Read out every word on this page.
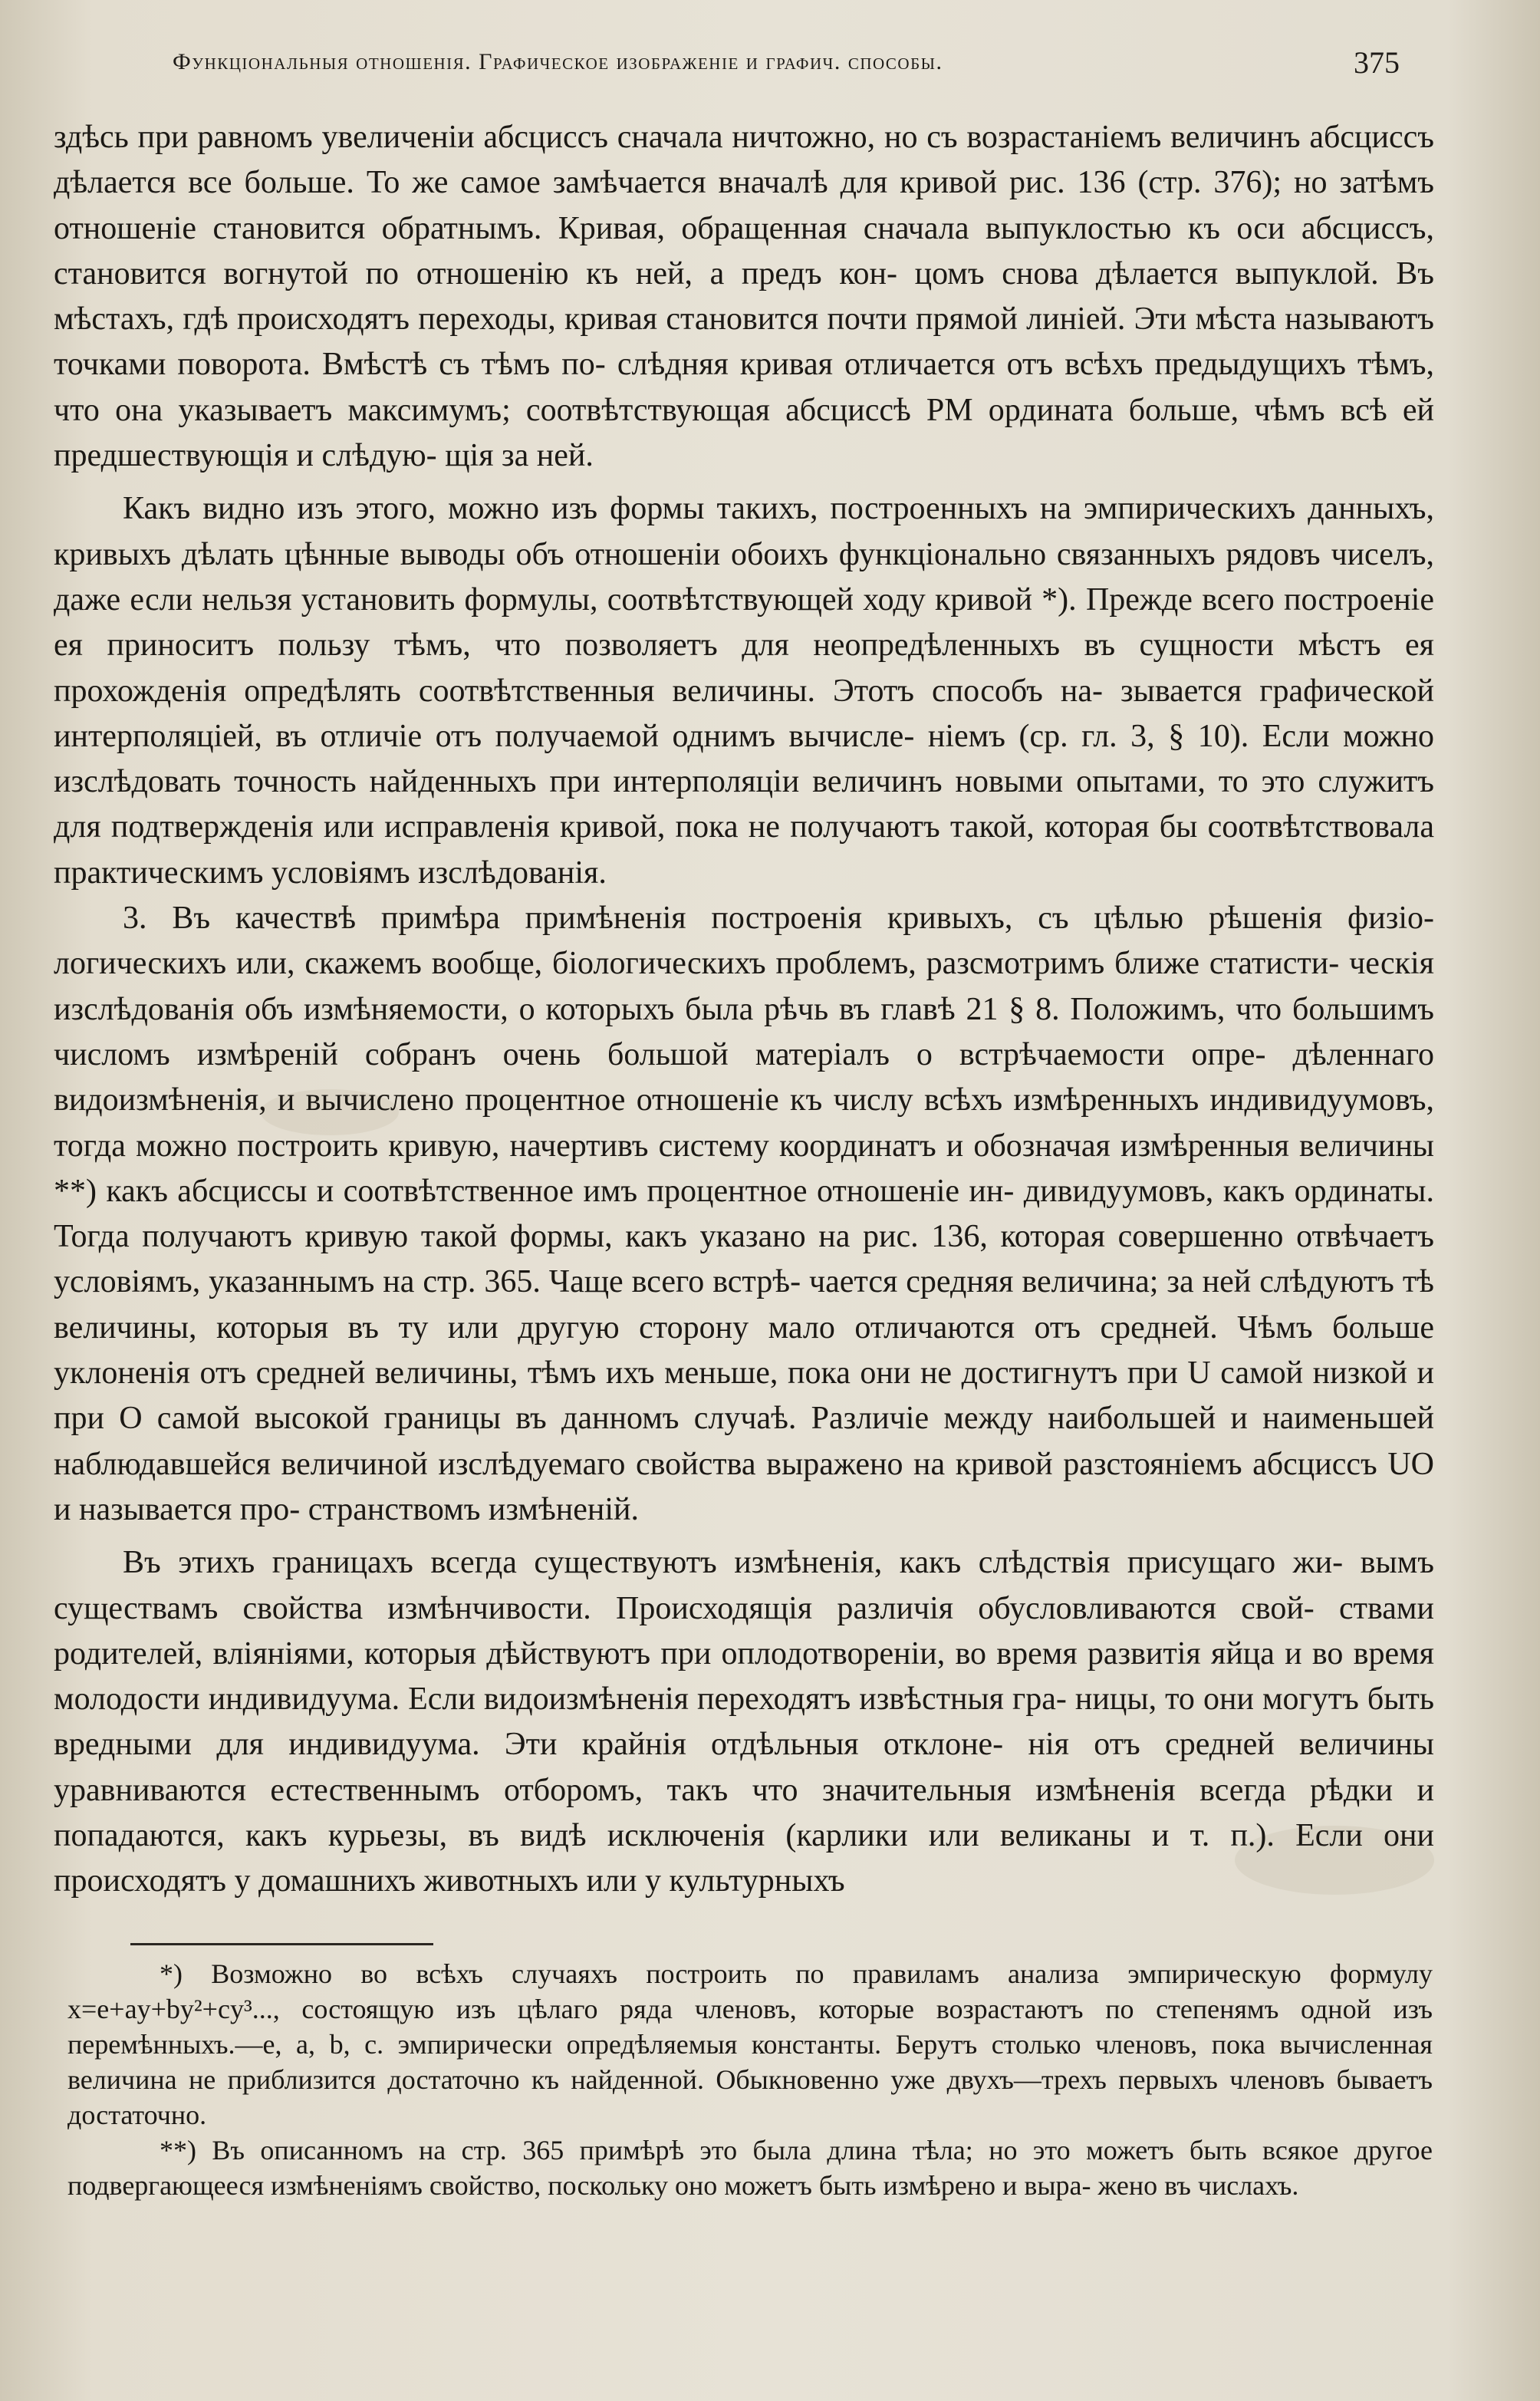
Функціональныя отношенія. Графическое изображеніе и графич. способы.	375

здѣсь при равномъ увеличеніи абсциссъ сначала ничтожно, но съ возрастаніемъ величинъ абсциссъ дѣлается все больше. То же самое замѣчается вначалѣ для кривой рис. 136 (стр. 376); но затѣмъ отношеніе становится обратнымъ. Кривая, обращенная сначала выпуклостью къ оси абсциссъ, становится вогнутой по отношенію къ ней, а предъ кон- цомъ снова дѣлается выпуклой. Въ мѣстахъ, гдѣ происходятъ переходы, кривая становится почти прямой линіей. Эти мѣста называютъ точками поворота. Вмѣстѣ съ тѣмъ по- слѣдняя кривая отличается отъ всѣхъ предыдущихъ тѣмъ, что она указываетъ максимумъ; соотвѣтствующая абсциссѣ PM ордината больше, чѣмъ всѣ ей предшествующія и слѣдую- щія за ней.

Какъ видно изъ этого, можно изъ формы такихъ, построенныхъ на эмпирическихъ данныхъ, кривыхъ дѣлать цѣнные выводы объ отношеніи обоихъ функціонально связанныхъ рядовъ чиселъ, даже если нельзя установить формулы, соотвѣтствующей ходу кривой *). Прежде всего построеніе ея приноситъ пользу тѣмъ, что позволяетъ для неопредѣленныхъ въ сущности мѣстъ ея прохожденія опредѣлять соотвѣтственныя величины. Этотъ способъ на- зывается графической интерполяціей, въ отличіе отъ получаемой однимъ вычисле- ніемъ (ср. гл. 3, § 10). Если можно изслѣдовать точность найденныхъ при интерполяціи величинъ новыми опытами, то это служитъ для подтвержденія или исправленія кривой, пока не получаютъ такой, которая бы соотвѣтствовала практическимъ условіямъ изслѣдованія.

3. Въ качествѣ примѣра примѣненія построенія кривыхъ, съ цѣлью рѣшенія физіо- логическихъ или, скажемъ вообще, біологическихъ проблемъ, разсмотримъ ближе статисти- ческія изслѣдованія объ измѣняемости, о которыхъ была рѣчь въ главѣ 21 § 8. Положимъ, что большимъ числомъ измѣреній собранъ очень большой матеріалъ о встрѣчаемости опре- дѣленнаго видоизмѣненія, и вычислено процентное отношеніе къ числу всѣхъ измѣренныхъ индивидуумовъ, тогда можно построить кривую, начертивъ систему координатъ и обозначая измѣренныя величины **) какъ абсциссы и соотвѣтственное имъ процентное отношеніе ин- дивидуумовъ, какъ ординаты. Тогда получаютъ кривую такой формы, какъ указано на рис. 136, которая совершенно отвѣчаетъ условіямъ, указаннымъ на стр. 365. Чаще всего встрѣ- чается средняя величина; за ней слѣдуютъ тѣ величины, которыя въ ту или другую сторону мало отличаются отъ средней. Чѣмъ больше уклоненія отъ средней величины, тѣмъ ихъ меньше, пока они не достигнутъ при U самой низкой и при O самой высокой границы въ данномъ случаѣ. Различіе между наибольшей и наименьшей наблюдавшейся величиной изслѣдуемаго свойства выражено на кривой разстояніемъ абсциссъ UO и называется про- странствомъ измѣненій.

Въ этихъ границахъ всегда существуютъ измѣненія, какъ слѣдствія присущаго жи- вымъ существамъ свойства измѣнчивости. Происходящія различія обусловливаются свой- ствами родителей, вліяніями, которыя дѣйствуютъ при оплодотвореніи, во время развитія яйца и во время молодости индивидуума. Если видоизмѣненія переходятъ извѣстныя гра- ницы, то они могутъ быть вредными для индивидуума. Эти крайнія отдѣльныя отклоне- нія отъ средней величины уравниваются естественнымъ отборомъ, такъ что значительныя измѣненія всегда рѣдки и попадаются, какъ курьезы, въ видѣ исключенія (карлики или великаны и т. п.). Если они происходятъ у домашнихъ животныхъ или у культурныхъ

*) Возможно во всѣхъ случаяхъ построить по правиламъ анализа эмпирическую формулу x=e+ay+by²+cy³..., состоящую изъ цѣлаго ряда членовъ, которые возрастаютъ по степенямъ одной изъ перемѣнныхъ.—e, a, b, c. эмпирически опредѣляемыя константы. Берутъ столько членовъ, пока вычисленная величина не приблизится достаточно къ найденной. Обыкновенно уже двухъ—трехъ первыхъ членовъ бываетъ достаточно.

**) Въ описанномъ на стр. 365 примѣрѣ это была длина тѣла; но это можетъ быть всякое другое подвергающееся измѣненіямъ свойство, поскольку оно можетъ быть измѣрено и выра- жено въ числахъ.
